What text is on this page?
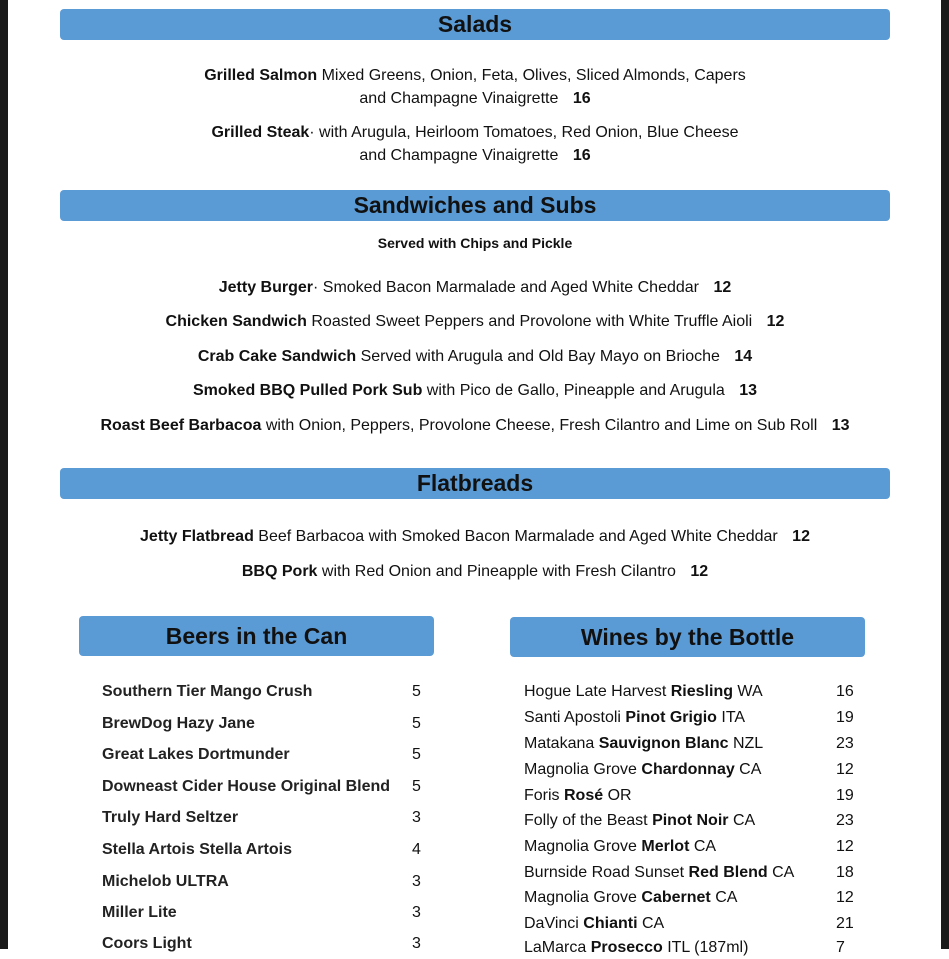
Salads
Grilled Salmon Mixed Greens, Onion, Feta, Olives, Sliced Almonds, Capers
and Champagne Vinaigrette 16
Grilled Steak· with Arugula, Heirloom Tomatoes, Red Onion, Blue Cheese
and Champagne Vinaigrette 16
Sandwiches and Subs
Served with Chips and Pickle
Jetty Burger· Smoked Bacon Marmalade and Aged White Cheddar 12
Chicken Sandwich Roasted Sweet Peppers and Provolone with White Truffle Aioli 12
Crab Cake Sandwich Served with Arugula and Old Bay Mayo on Brioche 14
Smoked BBQ Pulled Pork Sub with Pico de Gallo, Pineapple and Arugula 13
Roast Beef Barbacoa with Onion, Peppers, Provolone Cheese, Fresh Cilantro and Lime on Sub Roll 13
Flatbreads
Jetty Flatbread Beef Barbacoa with Smoked Bacon Marmalade and Aged White Cheddar 12
BBQ Pork with Red Onion and Pineapple with Fresh Cilantro 12
Beers in the Can
Southern Tier Mango Crush	5
BrewDog Hazy Jane	5
Great Lakes Dortmunder	5
Downeast Cider House Original Blend 5
Truly Hard Seltzer	3
Stella Artois Stella Artois	4
Michelob ULTRA	3
Miller Lite	3
Coors Light	3
Wines by the Bottle
Hogue Late Harvest Riesling WA	16
Santi Apostoli Pinot Grigio ITA	19
Matakana Sauvignon Blanc NZL	23
Magnolia Grove Chardonnay CA	12
Foris Rosé OR	19
Folly of the Beast Pinot Noir CA	23
Magnolia Grove Merlot CA	12
Burnside Road Sunset Red Blend CA	18
Magnolia Grove Cabernet CA	12
DaVinci Chianti CA	21
LaMarca Prosecco ITL (187ml)	7
